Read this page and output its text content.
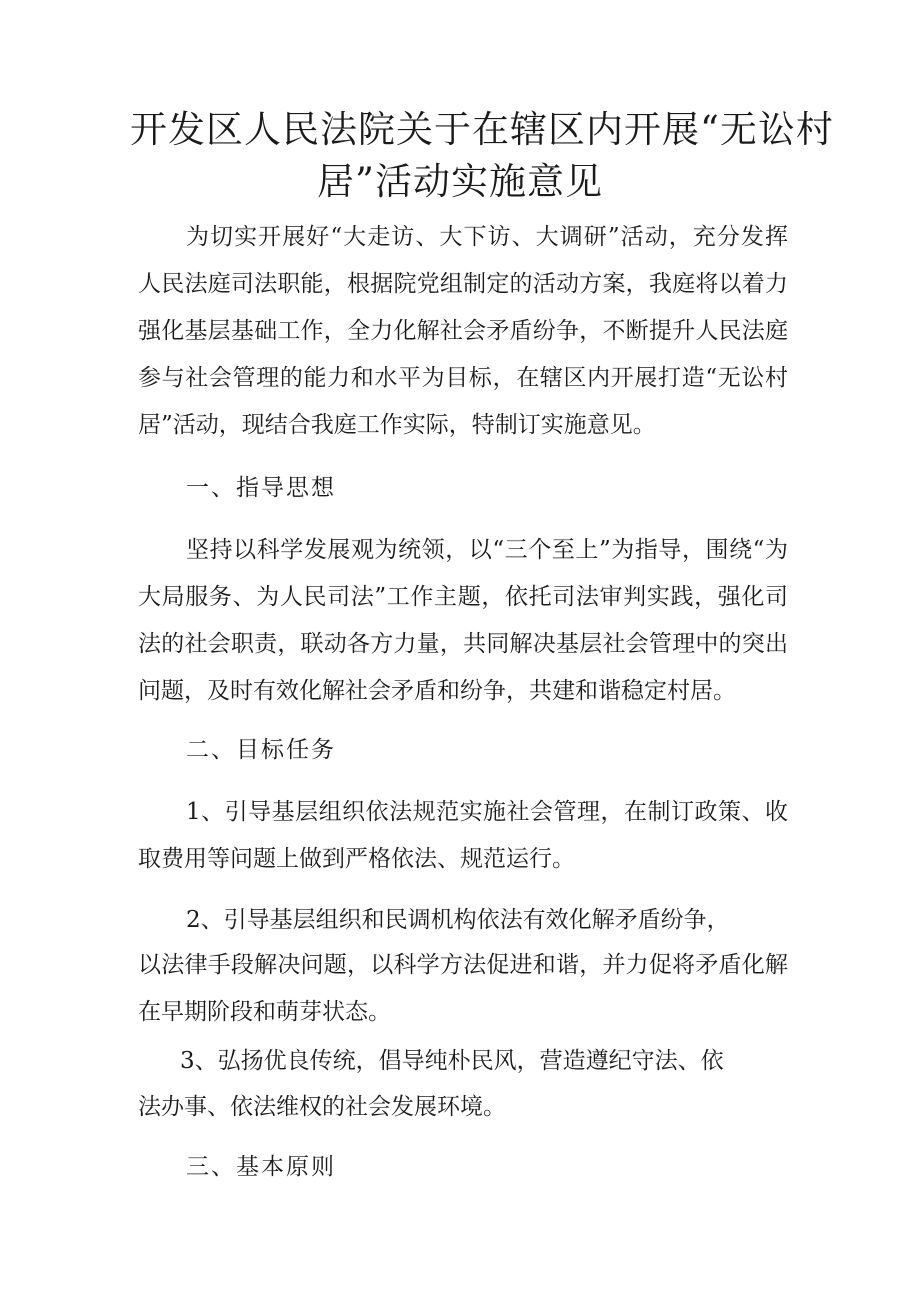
开发区人民法院关于在辖区内开展“无讼村
居”活动实施意见
为切实开展好“大走访、大下访、大调研”活动，充分发挥
人民法庭司法职能，根据院党组制定的活动方案，我庭将以着力
强化基层基础工作，全力化解社会矛盾纷争，不断提升人民法庭
参与社会管理的能力和水平为目标，在辖区内开展打造“无讼村
居”活动，现结合我庭工作实际，特制订实施意见。
一、指导思想
坚持以科学发展观为统领，以“三个至上”为指导，围绕“为
大局服务、为人民司法”工作主题，依托司法审判实践，强化司
法的社会职责，联动各方力量，共同解决基层社会管理中的突出
问题，及时有效化解社会矛盾和纷争，共建和谐稳定村居。
二、目标任务
1、引导基层组织依法规范实施社会管理，在制订政策、收
取费用等问题上做到严格依法、规范运行。
2、引导基层组织和民调机构依法有效化解矛盾纷争，
以法律手段解决问题，以科学方法促进和谐，并力促将矛盾化解
在早期阶段和萌芽状态。
3、弘扬优良传统，倡导纯朴民风，营造遵纪守法、依
法办事、依法维权的社会发展环境。
三、基本原则
